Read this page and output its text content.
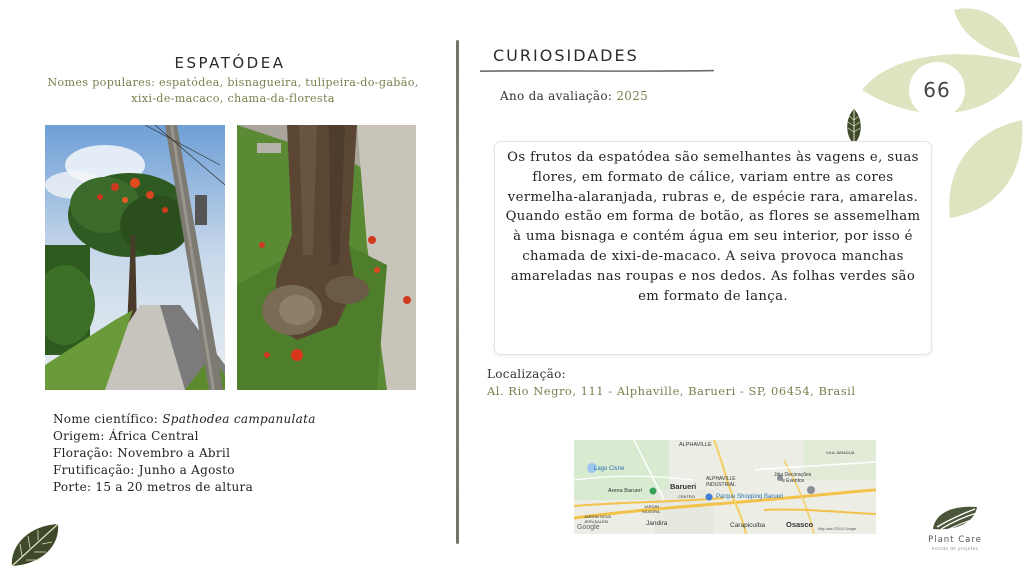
ESPATÓDEA
Nomes populares: espatódea, bisnagueira, tulipeira-do-gabão, xixi-de-macaco, chama-da-floresta
Nome científico: Spathodea campanulata
Origem: África Central
Floração: Novembro a Abril
Frutificação: Junho a Agosto
Porte: 15 a 20 metros de altura
CURIOSIDADES
Ano da avaliação: 2025	66
Os frutos da espatódea são semelhantes às vagens e, suas flores, em formato de cálice, variam entre as cores vermelha-alaranjada, rubras e, de espécie rara, amarelas. Quando estão em forma de botão, as flores se assemelham à uma bisnaga e contém água em seu interior, por isso é chamada de xixi-de-macaco. A seiva provoca manchas amareladas nas roupas e nos dedos. As folhas verdes são em formato de lança.
Localização:
Al. Rio Negro, 111 - Alphaville, Barueri - SP, 06454, Brasil
ALPHAVILLE
VILA JARAGUÁ
Lago Cisne
Jóia Decorações
e Eventos
ALPHAVILLE
INDUSTRIAL
Arena Barueri	Barueri
Parque Shopping Barueri
CENTRO
JARDIM
SILVEIRA
JARDIM NOVA
JERUSALÉM	Jandira	Carapicuíba	Osasco
Google	Map data ©2024 Google
Plant Care
estudo de projetos
